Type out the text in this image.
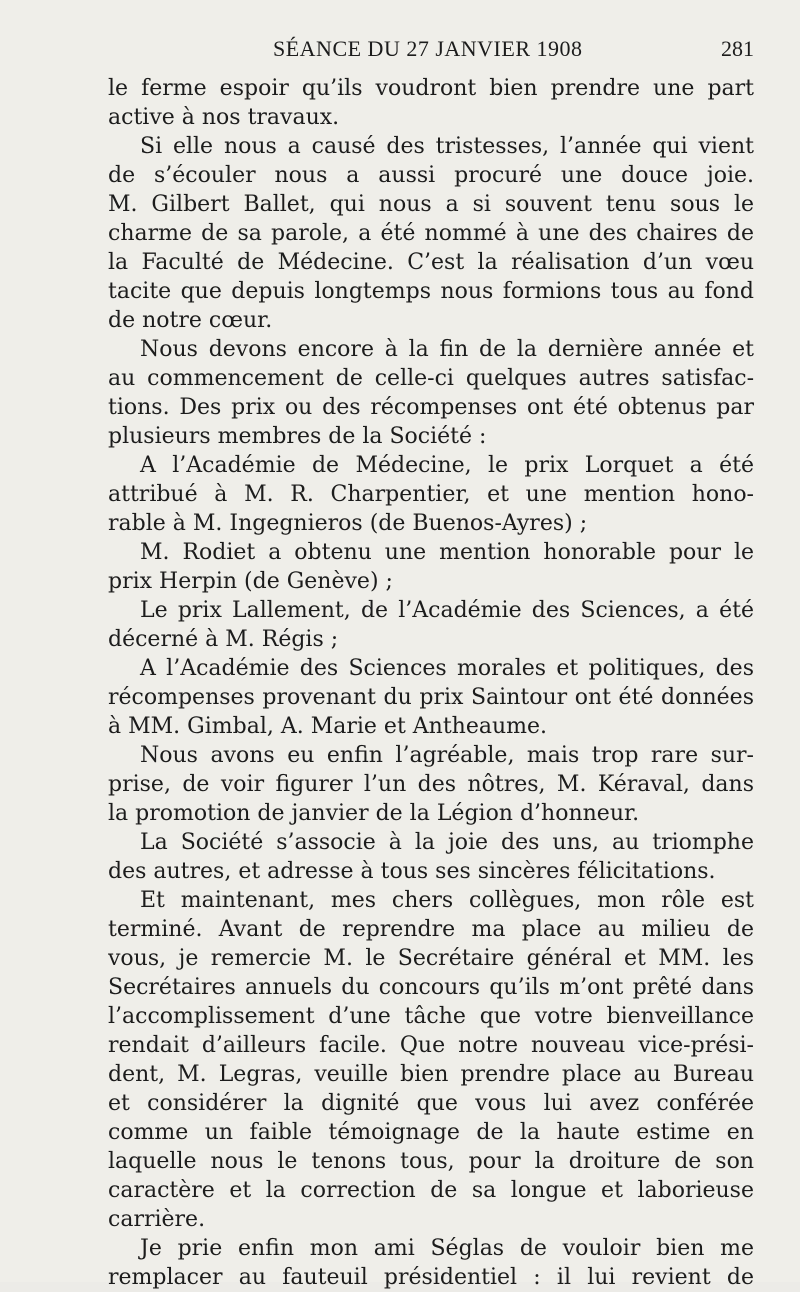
SÉANCE DU 27 JANVIER 1908	281
le ferme espoir qu’ils voudront bien prendre une part
active à nos travaux.
Si elle nous a causé des tristesses, l’année qui vient
de s’écouler nous a aussi procuré une douce joie.
M. Gilbert Ballet, qui nous a si souvent tenu sous le
charme de sa parole, a été nommé à une des chaires de
la Faculté de Médecine. C’est la réalisation d’un vœu
tacite que depuis longtemps nous formions tous au fond
de notre cœur.
Nous devons encore à la fin de la dernière année et
au commencement de celle-ci quelques autres satisfac-
tions. Des prix ou des récompenses ont été obtenus par
plusieurs membres de la Société :
A l’Académie de Médecine, le prix Lorquet a été
attribué à M. R. Charpentier, et une mention hono-
rable à M. Ingegnieros (de Buenos-Ayres) ;
M. Rodiet a obtenu une mention honorable pour le
prix Herpin (de Genève) ;
Le prix Lallement, de l’Académie des Sciences, a été
décerné à M. Régis ;
A l’Académie des Sciences morales et politiques, des
récompenses provenant du prix Saintour ont été données
à MM. Gimbal, A. Marie et Antheaume.
Nous avons eu enfin l’agréable, mais trop rare sur-
prise, de voir figurer l’un des nôtres, M. Kéraval, dans
la promotion de janvier de la Légion d’honneur.
La Société s’associe à la joie des uns, au triomphe
des autres, et adresse à tous ses sincères félicitations.
Et maintenant, mes chers collègues, mon rôle est
terminé. Avant de reprendre ma place au milieu de
vous, je remercie M. le Secrétaire général et MM. les
Secrétaires annuels du concours qu’ils m’ont prêté dans
l’accomplissement d’une tâche que votre bienveillance
rendait d’ailleurs facile. Que notre nouveau vice-prési-
dent, M. Legras, veuille bien prendre place au Bureau
et considérer la dignité que vous lui avez conférée
comme un faible témoignage de la haute estime en
laquelle nous le tenons tous, pour la droiture de son
caractère et la correction de sa longue et laborieuse
carrière.
Je prie enfin mon ami Séglas de vouloir bien me
remplacer au fauteuil présidentiel : il lui revient de
